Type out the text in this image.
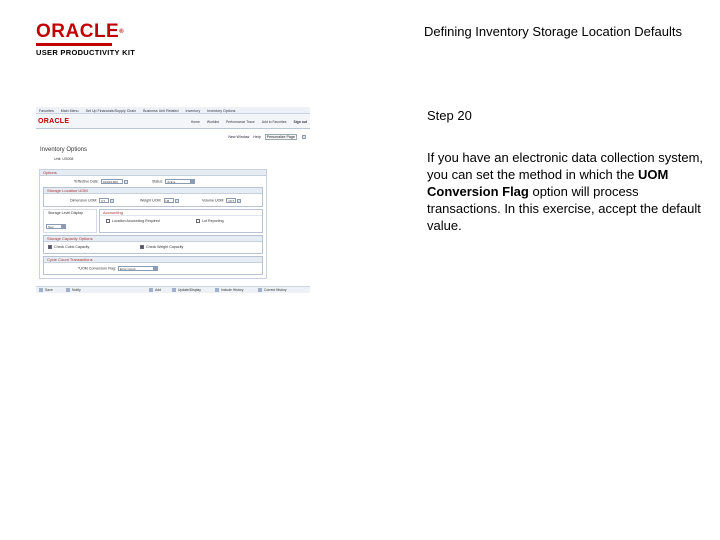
ORACLE®
USER PRODUCTIVITY KIT
Defining Inventory Storage Location Defaults
Step 20
If you have an electronic data collection system, you can set the method in which the UOM Conversion Flag option will process transactions. In this exercise, accept the default value.
Favorites Main Menu Set Up Financials/Supply Chain Business Unit Related Inventory Inventory Options
ORACLE	Home Worklist Performance Trace Add to Favorites Sign out
New Window Help Personalize Page
Inventory Options
Unit: US008
Options
*Effective Date: 01/01/1900	Status: Active
Storage Location UOM
Dimension UOM: FT	Weight UOM: LB	Volume UOM: CFT
Storage Level Display
Text
Accounting
Location Accounting Required	Lot Reporting
Storage Capacity Options
Check Cubic Capacity	Check Weight Capacity
Cycle Count Transactions
*UOM Conversion Flag: Error Count
Save	Notify	Add	Update/Display	Include History	Correct History
